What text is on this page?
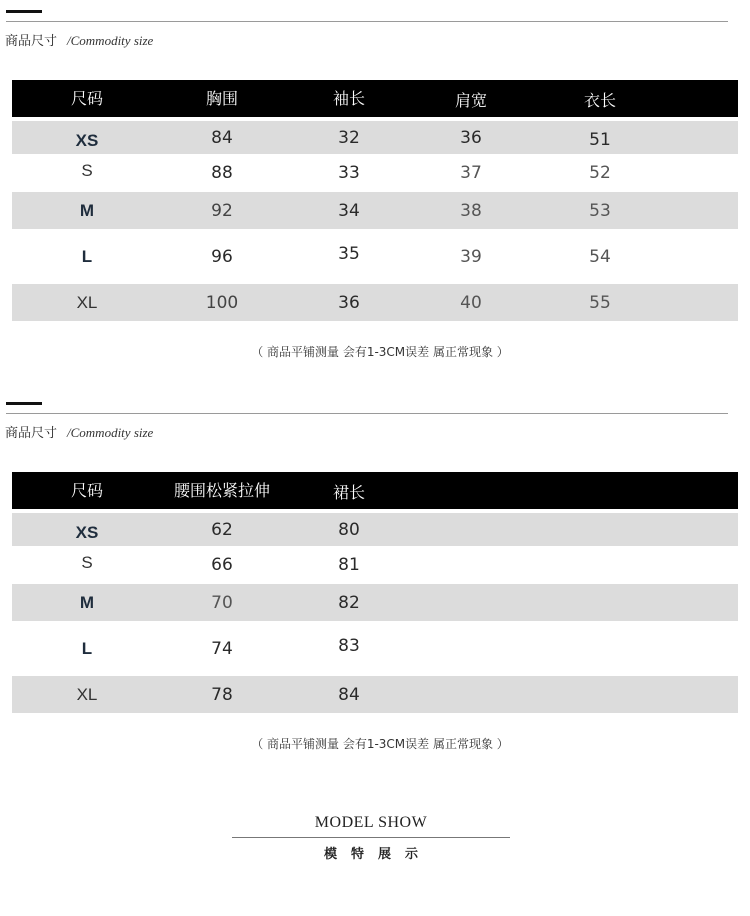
商品尺寸 /Commodity size
尺码	胸围	袖长	肩宽	衣长
XS	84	32	36	51
S	88	33	37	52
M	92	34	38	53
L	96	35	39	54
XL	100	36	40	55
（ 商品平铺测量 会有1-3CM误差 属正常现象 ）
商品尺寸 /Commodity size
尺码	腰围松紧拉伸	裙长
XS	62	80
S	66	81
M	70	82
L	74	83
XL	78	84
（ 商品平铺测量 会有1-3CM误差 属正常现象 ）
MODEL SHOW
模特展示
